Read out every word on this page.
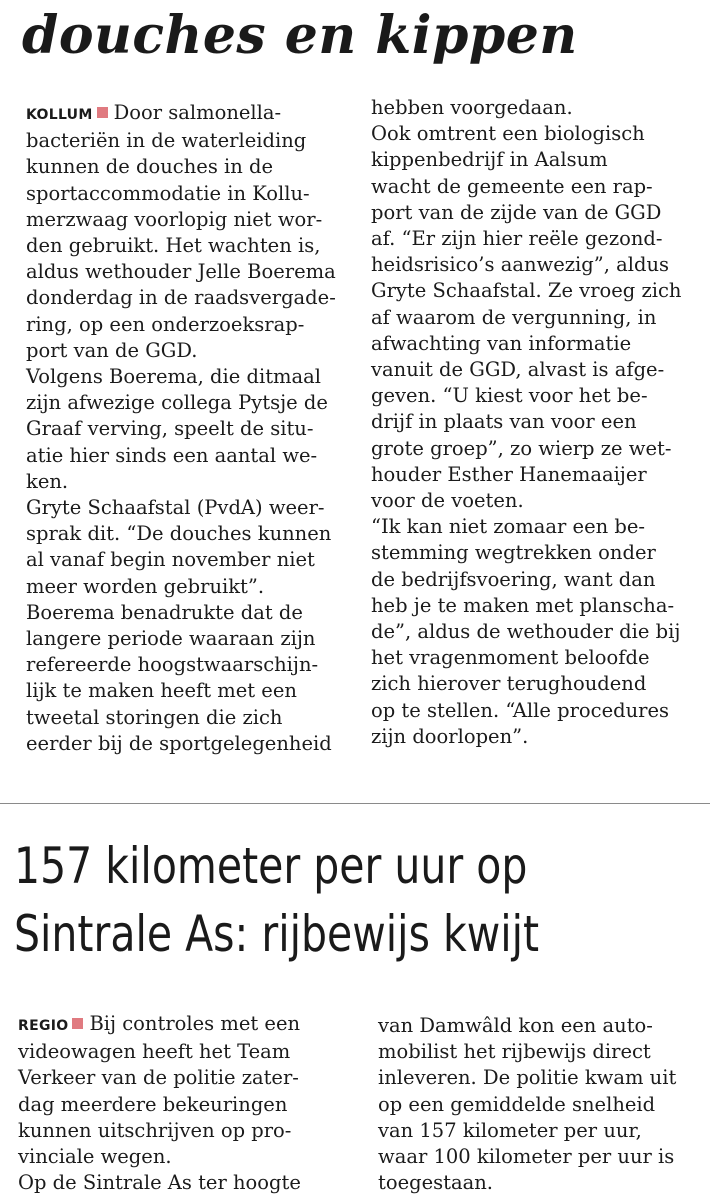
douches en kippen
KOLLUM Door salmonella-
bacteriën in de waterleiding
kunnen de douches in de
sportaccommodatie in Kollu-
merzwaag voorlopig niet wor-
den gebruikt. Het wachten is,
aldus wethouder Jelle Boerema
donderdag in de raadsvergade-
ring, op een onderzoeksrap-
port van de GGD.
Volgens Boerema, die ditmaal
zijn afwezige collega Pytsje de
Graaf verving, speelt de situ-
atie hier sinds een aantal we-
ken.
Gryte Schaafstal (PvdA) weer-
sprak dit. “De douches kunnen
al vanaf begin november niet
meer worden gebruikt”.
Boerema benadrukte dat de
langere periode waaraan zijn
refereerde hoogstwaarschijn-
lijk te maken heeft met een
tweetal storingen die zich
eerder bij de sportgelegenheid
hebben voorgedaan.
Ook omtrent een biologisch
kippenbedrijf in Aalsum
wacht de gemeente een rap-
port van de zijde van de GGD
af. “Er zijn hier reële gezond-
heidsrisico’s aanwezig”, aldus
Gryte Schaafstal. Ze vroeg zich
af waarom de vergunning, in
afwachting van informatie
vanuit de GGD, alvast is afge-
geven. “U kiest voor het be-
drijf in plaats van voor een
grote groep”, zo wierp ze wet-
houder Esther Hanemaaijer
voor de voeten.
“Ik kan niet zomaar een be-
stemming wegtrekken onder
de bedrijfsvoering, want dan
heb je te maken met planscha-
de”, aldus de wethouder die bij
het vragenmoment beloofde
zich hierover terughoudend
op te stellen. “Alle procedures
zijn doorlopen”.
157 kilometer per uur op
Sintrale As: rijbewijs kwijt
REGIO Bij controles met een
videowagen heeft het Team
Verkeer van de politie zater-
dag meerdere bekeuringen
kunnen uitschrijven op pro-
vinciale wegen.
Op de Sintrale As ter hoogte
van Damwâld kon een auto-
mobilist het rijbewijs direct
inleveren. De politie kwam uit
op een gemiddelde snelheid
van 157 kilometer per uur,
waar 100 kilometer per uur is
toegestaan.
